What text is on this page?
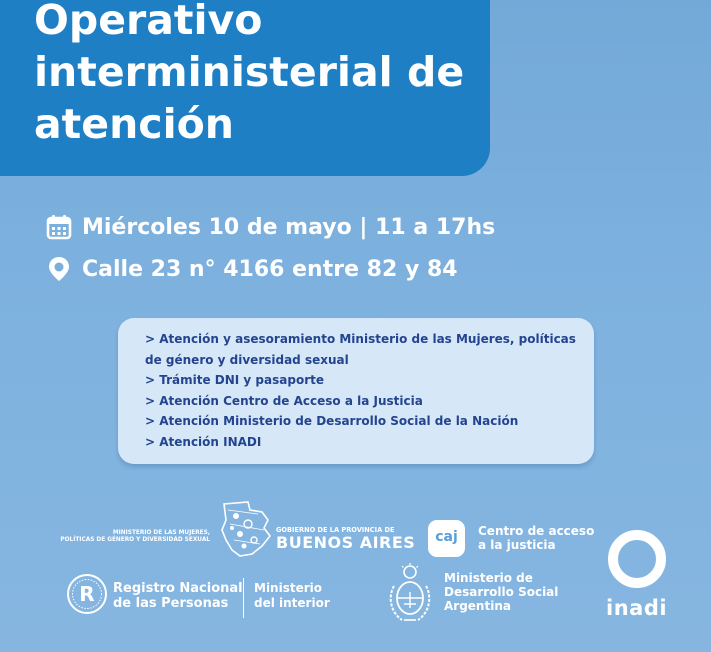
Operativo
interministerial de
atención
Miércoles 10 de mayo | 11 a 17hs
Calle 23 n° 4166 entre 82 y 84
> Atención y asesoramiento Ministerio de las Mujeres, políticas
de género y diversidad sexual
> Trámite DNI y pasaporte
> Atención Centro de Acceso a la Justicia
> Atención Ministerio de Desarrollo Social de la Nación
> Atención INADI
MINISTERIO DE LAS MUJERES,
POLÍTICAS DE GÉNERO Y DIVERSIDAD SEXUAL
GOBIERNO DE LA PROVINCIA DE
BUENOS AIRES	caj	Centro de acceso
a la justicia
inadi
R Registro Nacional
de las Personas
Ministerio
del interior
Ministerio de
Desarrollo Social
Argentina
